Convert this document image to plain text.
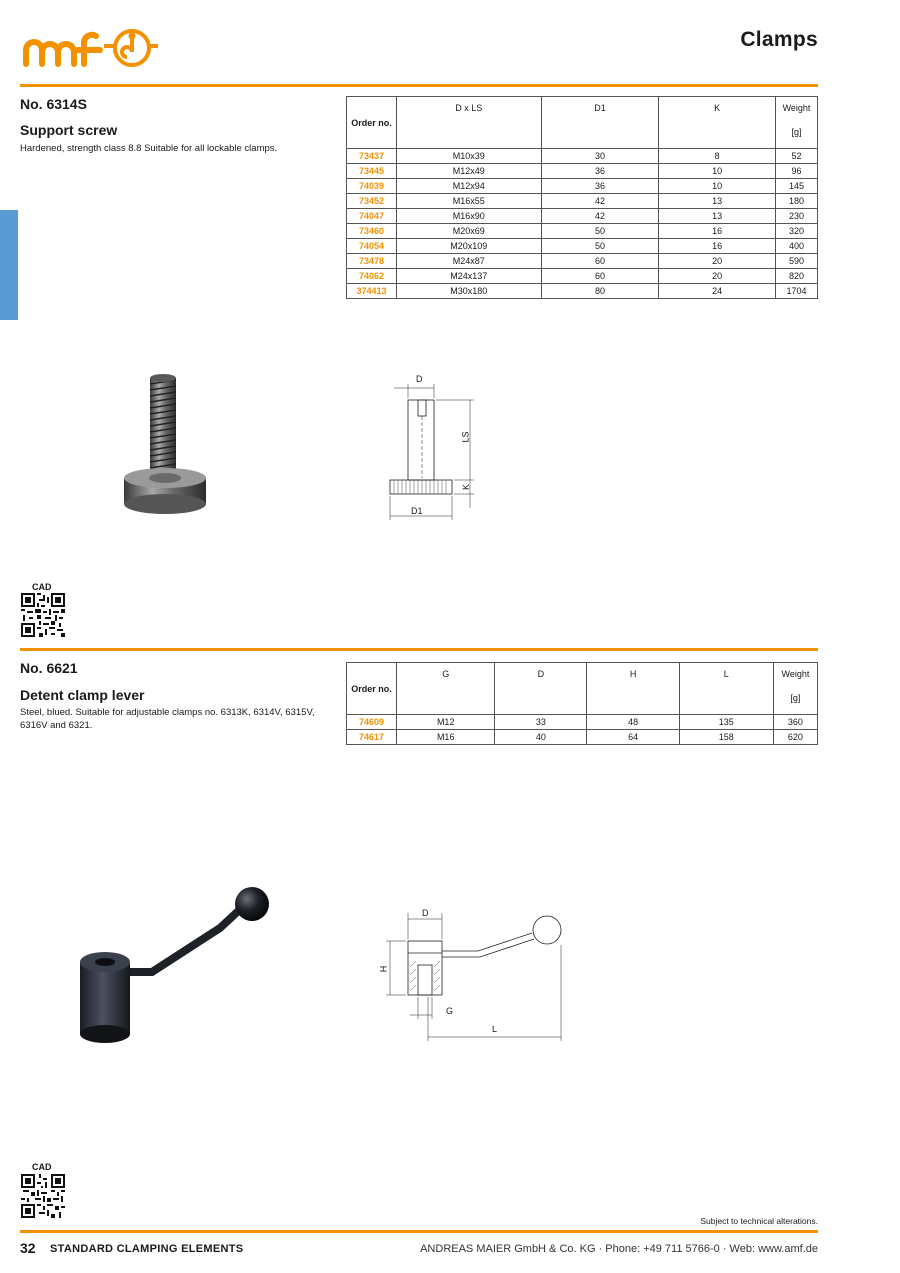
Clamps
No. 6314S
Support screw
Hardened, strength class 8.8 Suitable for all lockable clamps.
Order no.	D x LS	D1	K	Weight
[g]

73437	M10x39	30	8	52
73445	M12x49	36	10	96
74039	M12x94	36	10	145
73452	M16x55	42	13	180
74047	M16x90	42	13	230
73460	M20x69	50	16	320
74054	M20x109	50	16	400
73478	M24x87	60	20	590
74062	M24x137	60	20	820
374413	M30x180	80	24	1704
D
LS
K
D1
CAD
No. 6621
Detent clamp lever
Steel, blued. Suitable for adjustable clamps no. 6313K, 6314V, 6315V, 6316V and 6321.
Order no.	G	D	H	L	Weight
[g]

74609	M12	33	48	135	360
74617	M16	40	64	158	620
D
H
G
L
CAD
Subject to technical alterations.
32 STANDARD CLAMPING ELEMENTS	ANDREAS MAIER GmbH & Co. KG · Phone: +49 711 5766-0 · Web: www.amf.de
